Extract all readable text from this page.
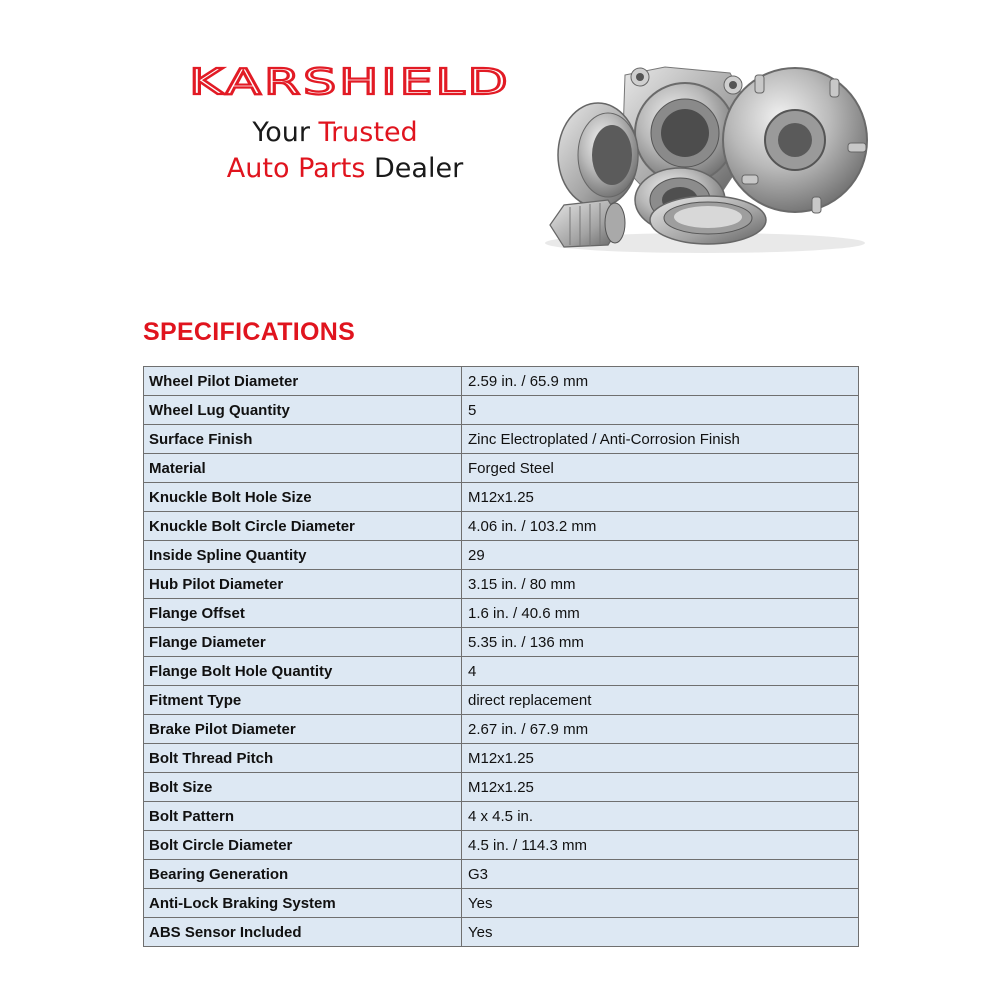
KARSHIELD
Your Trusted
Auto Parts Dealer
SPECIFICATIONS
Wheel Pilot Diameter	2.59 in. / 65.9 mm
Wheel Lug Quantity	5
Surface Finish	Zinc Electroplated / Anti-Corrosion Finish
Material	Forged Steel
Knuckle Bolt Hole Size	M12x1.25
Knuckle Bolt Circle Diameter	4.06 in. / 103.2 mm
Inside Spline Quantity	29
Hub Pilot Diameter	3.15 in. / 80 mm
Flange Offset	1.6 in. / 40.6 mm
Flange Diameter	5.35 in. / 136 mm
Flange Bolt Hole Quantity	4
Fitment Type	direct replacement
Brake Pilot Diameter	2.67 in. / 67.9 mm
Bolt Thread Pitch	M12x1.25
Bolt Size	M12x1.25
Bolt Pattern	4 x 4.5 in.
Bolt Circle Diameter	4.5 in. / 114.3 mm
Bearing Generation	G3
Anti-Lock Braking System	Yes
ABS Sensor Included	Yes
